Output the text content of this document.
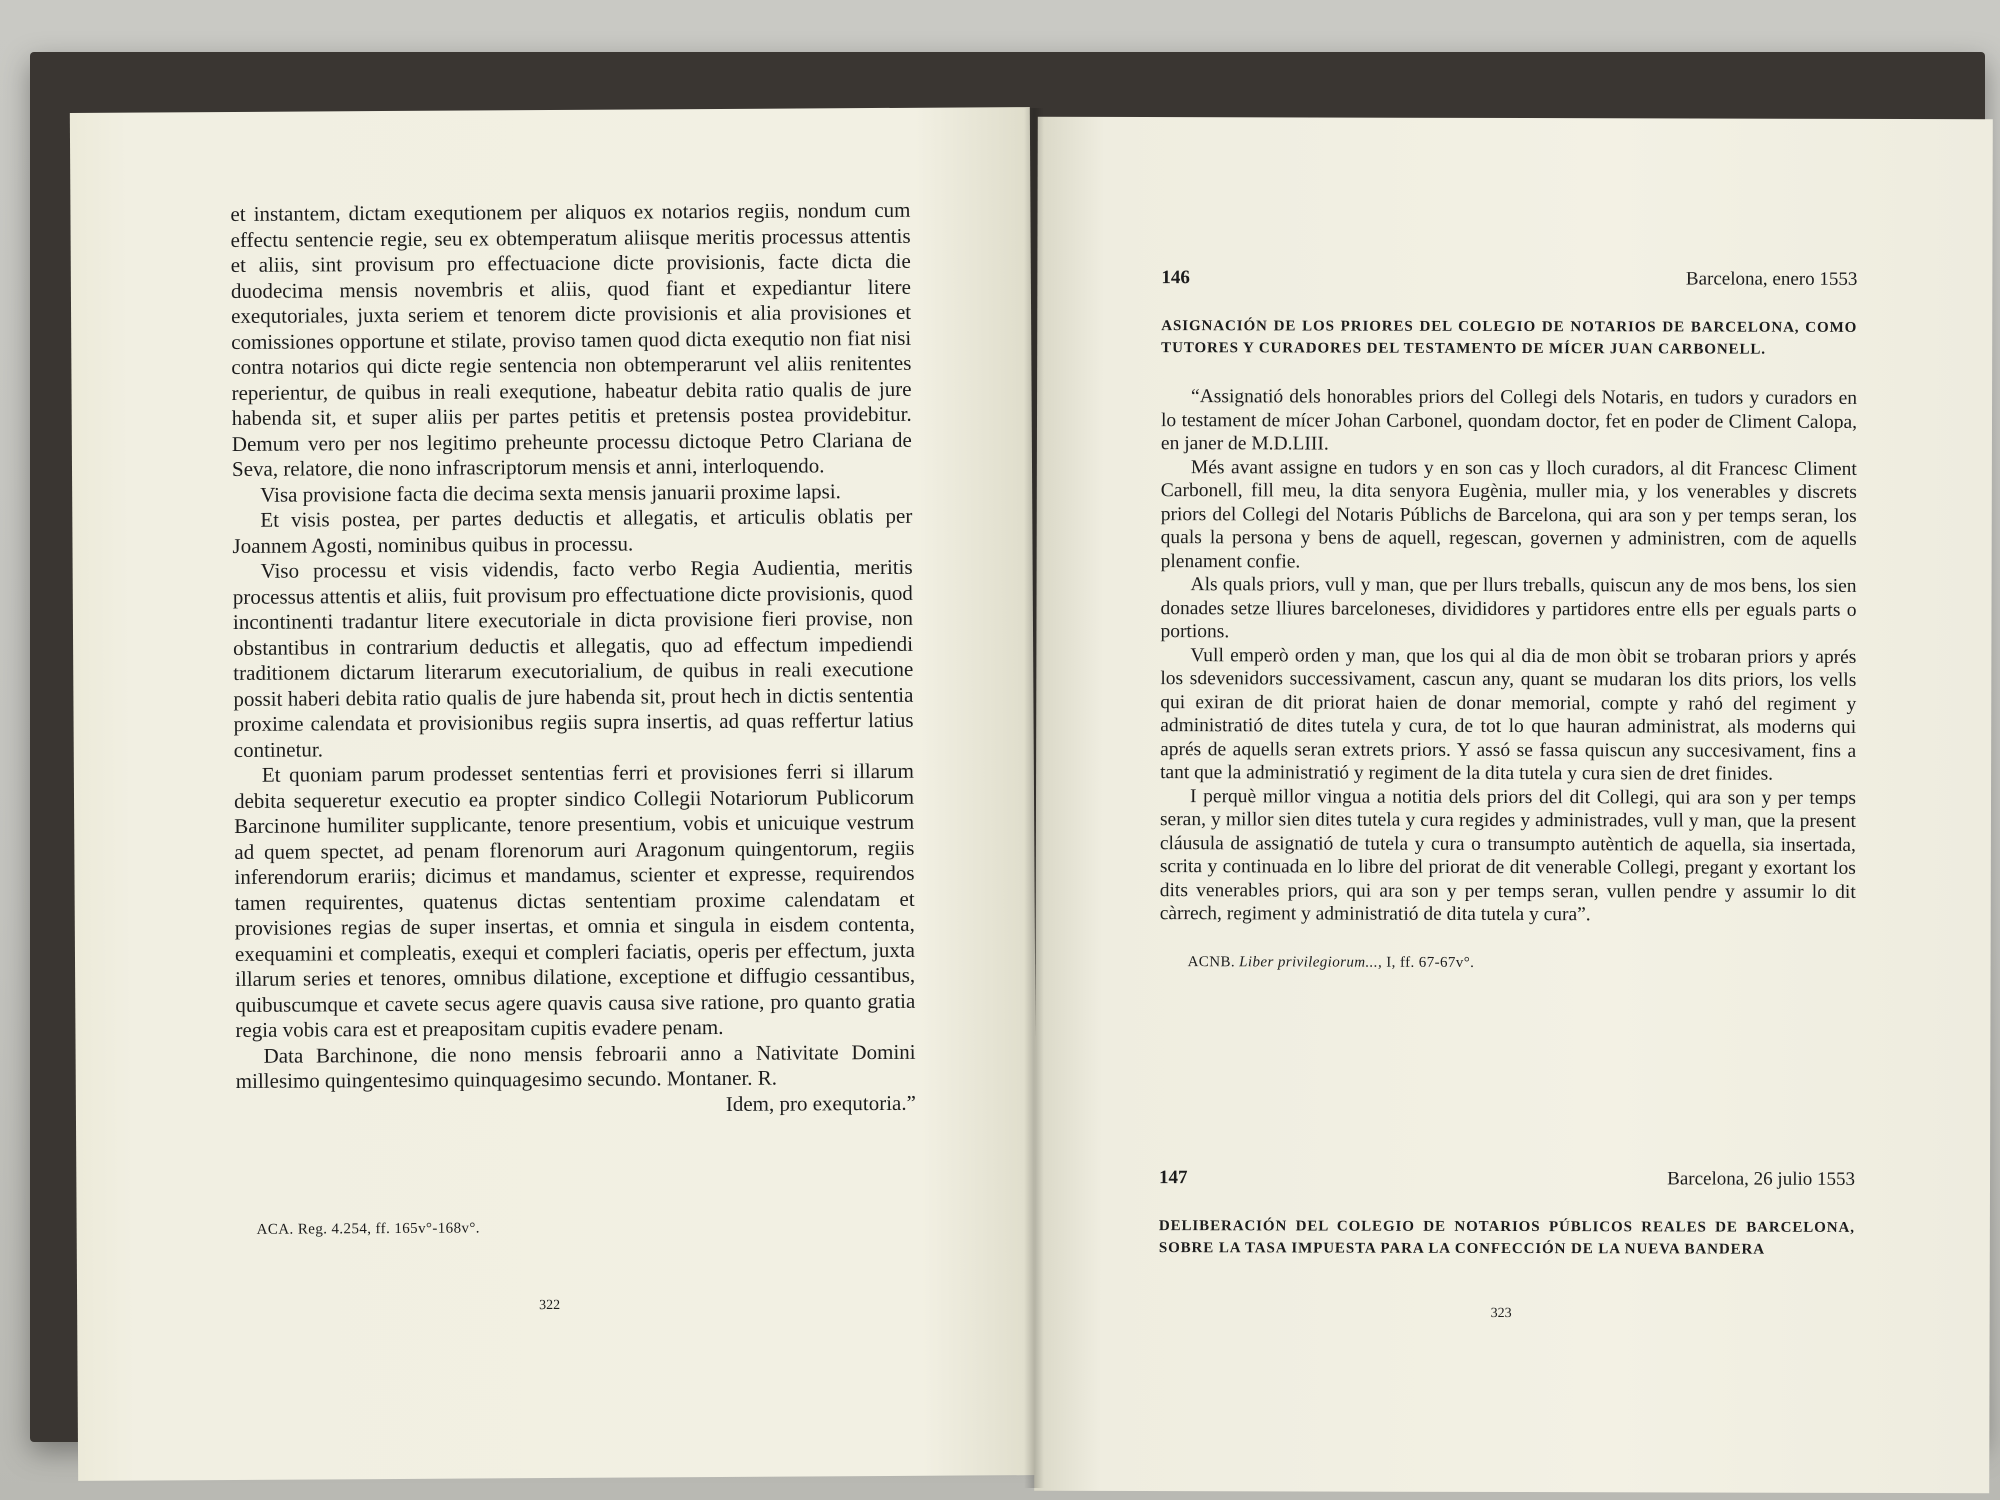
et instantem, dictam exequtionem per aliquos ex notarios regiis, nondum cum effectu sentencie regie, seu ex obtemperatum aliisque meritis processus attentis et aliis, sint provisum pro effectuacione dicte provisionis, facte dicta die duodecima mensis novembris et aliis, quod fiant et expediantur litere exequtoriales, juxta seriem et tenorem dicte provisionis et alia provisiones et comissiones opportune et stilate, proviso tamen quod dicta exequtio non fiat nisi contra notarios qui dicte regie sentencia non obtemperarunt vel aliis renitentes reperientur, de quibus in reali exequtione, habeatur debita ratio qualis de jure habenda sit, et super aliis per partes petitis et pretensis postea providebitur. Demum vero per nos legitimo preheunte processu dictoque Petro Clariana de Seva, relatore, die nono infrascriptorum mensis et anni, interloquendo.

Visa provisione facta die decima sexta mensis januarii proxime lapsi.

Et visis postea, per partes deductis et allegatis, et articulis oblatis per Joannem Agosti, nominibus quibus in processu.

Viso processu et visis videndis, facto verbo Regia Audientia, meritis processus attentis et aliis, fuit provisum pro effectuatione dicte provisionis, quod incontinenti tradantur litere executoriale in dicta provisione fieri provise, non obstantibus in contrarium deductis et allegatis, quo ad effectum impediendi traditionem dictarum literarum executorialium, de quibus in reali executione possit haberi debita ratio qualis de jure habenda sit, prout hech in dictis sententia proxime calendata et provisionibus regiis supra insertis, ad quas reffertur latius continetur.

Et quoniam parum prodesset sententias ferri et provisiones ferri si illarum debita sequeretur executio ea propter sindico Collegii Notariorum Publicorum Barcinone humiliter supplicante, tenore presentium, vobis et unicuique vestrum ad quem spectet, ad penam florenorum auri Aragonum quingentorum, regiis inferendorum erariis; dicimus et mandamus, scienter et expresse, requirendos tamen requirentes, quatenus dictas sententiam proxime calendatam et provisiones regias de super insertas, et omnia et singula in eisdem contenta, exequamini et compleatis, exequi et compleri faciatis, operis per effectum, juxta illarum series et tenores, omnibus dilatione, exceptione et diffugio cessantibus, quibuscumque et cavete secus agere quavis causa sive ratione, pro quanto gratia regia vobis cara est et preapositam cupitis evadere penam.

Data Barchinone, die nono mensis febroarii anno a Nativitate Domini millesimo quingentesimo quinquagesimo secundo. Montaner. R.

Idem, pro exequtoria.”

ACA. Reg. 4.254, ff. 165v°-168v°.
322
146	Barcelona, enero 1553
ASIGNACIÓN DE LOS PRIORES DEL COLEGIO DE NOTARIOS DE BARCELONA, COMO TUTORES Y CURADORES DEL TESTAMENTO DE MÍCER JUAN CARBONELL.

“Assignatió dels honorables priors del Collegi dels Notaris, en tudors y curadors en lo testament de mícer Johan Carbonel, quondam doctor, fet en poder de Climent Calopa, en janer de M.D.LIII.

Més avant assigne en tudors y en son cas y lloch curadors, al dit Francesc Climent Carbonell, fill meu, la dita senyora Eugènia, muller mia, y los venerables y discrets priors del Collegi del Notaris Públichs de Barcelona, qui ara son y per temps seran, los quals la persona y bens de aquell, regescan, governen y administren, com de aquells plenament confie.

Als quals priors, vull y man, que per llurs treballs, quiscun any de mos bens, los sien donades setze lliures barceloneses, divididores y partidores entre ells per eguals parts o portions.

Vull emperò orden y man, que los qui al dia de mon òbit se trobaran priors y aprés los sdevenidors successivament, cascun any, quant se mudaran los dits priors, los vells qui exiran de dit priorat haien de donar memorial, compte y rahó del regiment y administratió de dites tutela y cura, de tot lo que hauran administrat, als moderns qui aprés de aquells seran extrets priors. Y assó se fassa quiscun any succesivament, fins a tant que la administratió y regiment de la dita tutela y cura sien de dret finides.

I perquè millor vingua a notitia dels priors del dit Collegi, qui ara son y per temps seran, y millor sien dites tutela y cura regides y administrades, vull y man, que la present cláusula de assignatió de tutela y cura o transumpto autèntich de aquella, sia insertada, scrita y continuada en lo libre del priorat de dit venerable Collegi, pregant y exortant los dits venerables priors, qui ara son y per temps seran, vullen pendre y assumir lo dit càrrech, regiment y administratió de dita tutela y cura”.

ACNB. Liber privilegiorum..., I, ff. 67-67v°.
147	Barcelona, 26 julio 1553
DELIBERACIÓN DEL COLEGIO DE NOTARIOS PÚBLICOS REALES DE BARCELONA, SOBRE LA TASA IMPUESTA PARA LA CONFECCIÓN DE LA NUEVA BANDERA
323
